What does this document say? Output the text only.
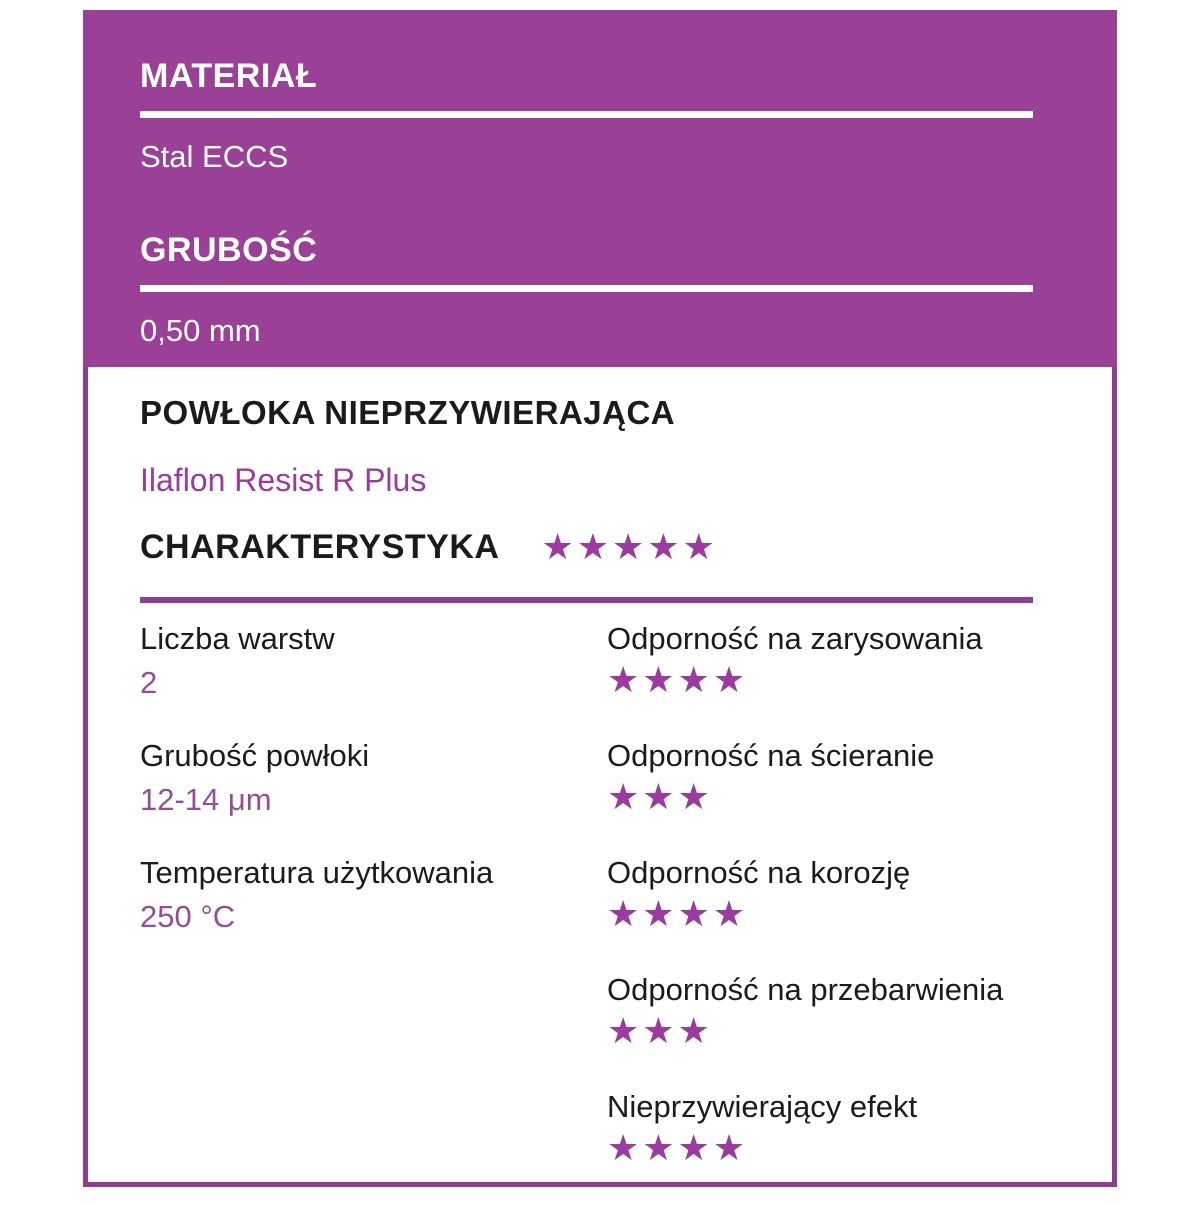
MATERIAŁ
Stal ECCS
GRUBOŚĆ
0,50 mm
POWŁOKA NIEPRZYWIERAJĄCA
Ilaflon Resist R Plus
CHARAKTERYSTYKA ★★★★★
Liczba warstw
2
Grubość powłoki
12-14 μm
Temperatura użytkowania
250 °C
Odporność na zarysowania
★★★★
Odporność na ścieranie
★★★
Odporność na korozję
★★★★
Odporność na przebarwienia
★★★
Nieprzywierający efekt
★★★★
